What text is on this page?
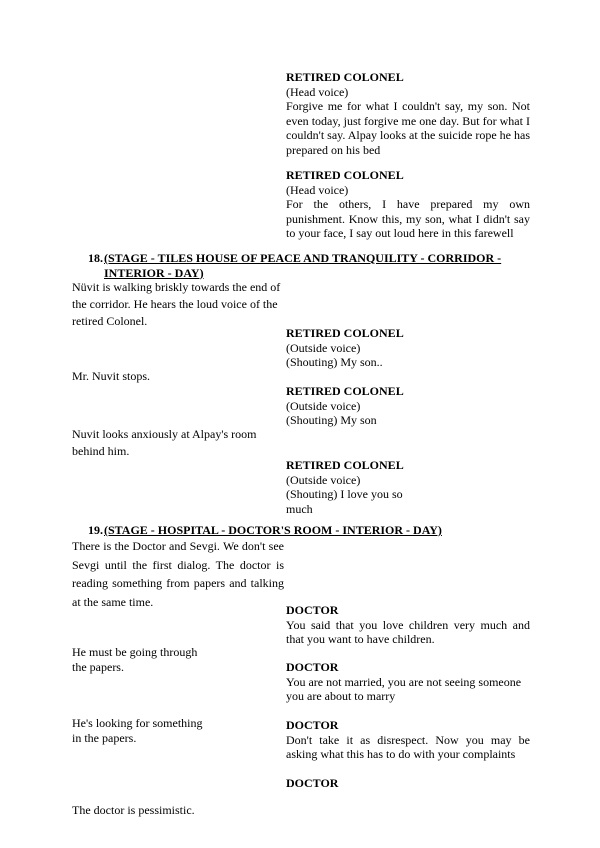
RETIRED COLONEL
(Head voice)
Forgive me for what I couldn't say, my son. Not even today, just forgive me one day. But for what I couldn't say. Alpay looks at the suicide rope he has prepared on his bed
RETIRED COLONEL
(Head voice)
For the others, I have prepared my own punishment. Know this, my son, what I didn't say to your face, I say out loud here in this farewell
18.(STAGE - TILES HOUSE OF PEACE AND TRANQUILITY - CORRIDOR -
INTERIOR - DAY)
Nüvit is walking briskly towards the end of the corridor. He hears the loud voice of the retired Colonel.
RETIRED COLONEL
(Outside voice)
(Shouting) My son..
Mr. Nuvit stops.
RETIRED COLONEL
(Outside voice)
(Shouting) My son
Nuvit looks anxiously at Alpay's room behind him.
RETIRED COLONEL
(Outside voice)
(Shouting) I love you so much
19.(STAGE - HOSPITAL - DOCTOR'S ROOM - INTERIOR - DAY)
There is the Doctor and Sevgi. We don't see Sevgi until the first dialog. The doctor is reading something from papers and talking at the same time.
DOCTOR
You said that you love children very much and that you want to have children.
He must be going through the papers.	DOCTOR
You are not married, you are not seeing someone you are about to marry
He's looking for something in the papers.
DOCTOR
Don't take it as disrespect. Now you may be asking what this has to do with your complaints
DOCTOR
The doctor is pessimistic.
